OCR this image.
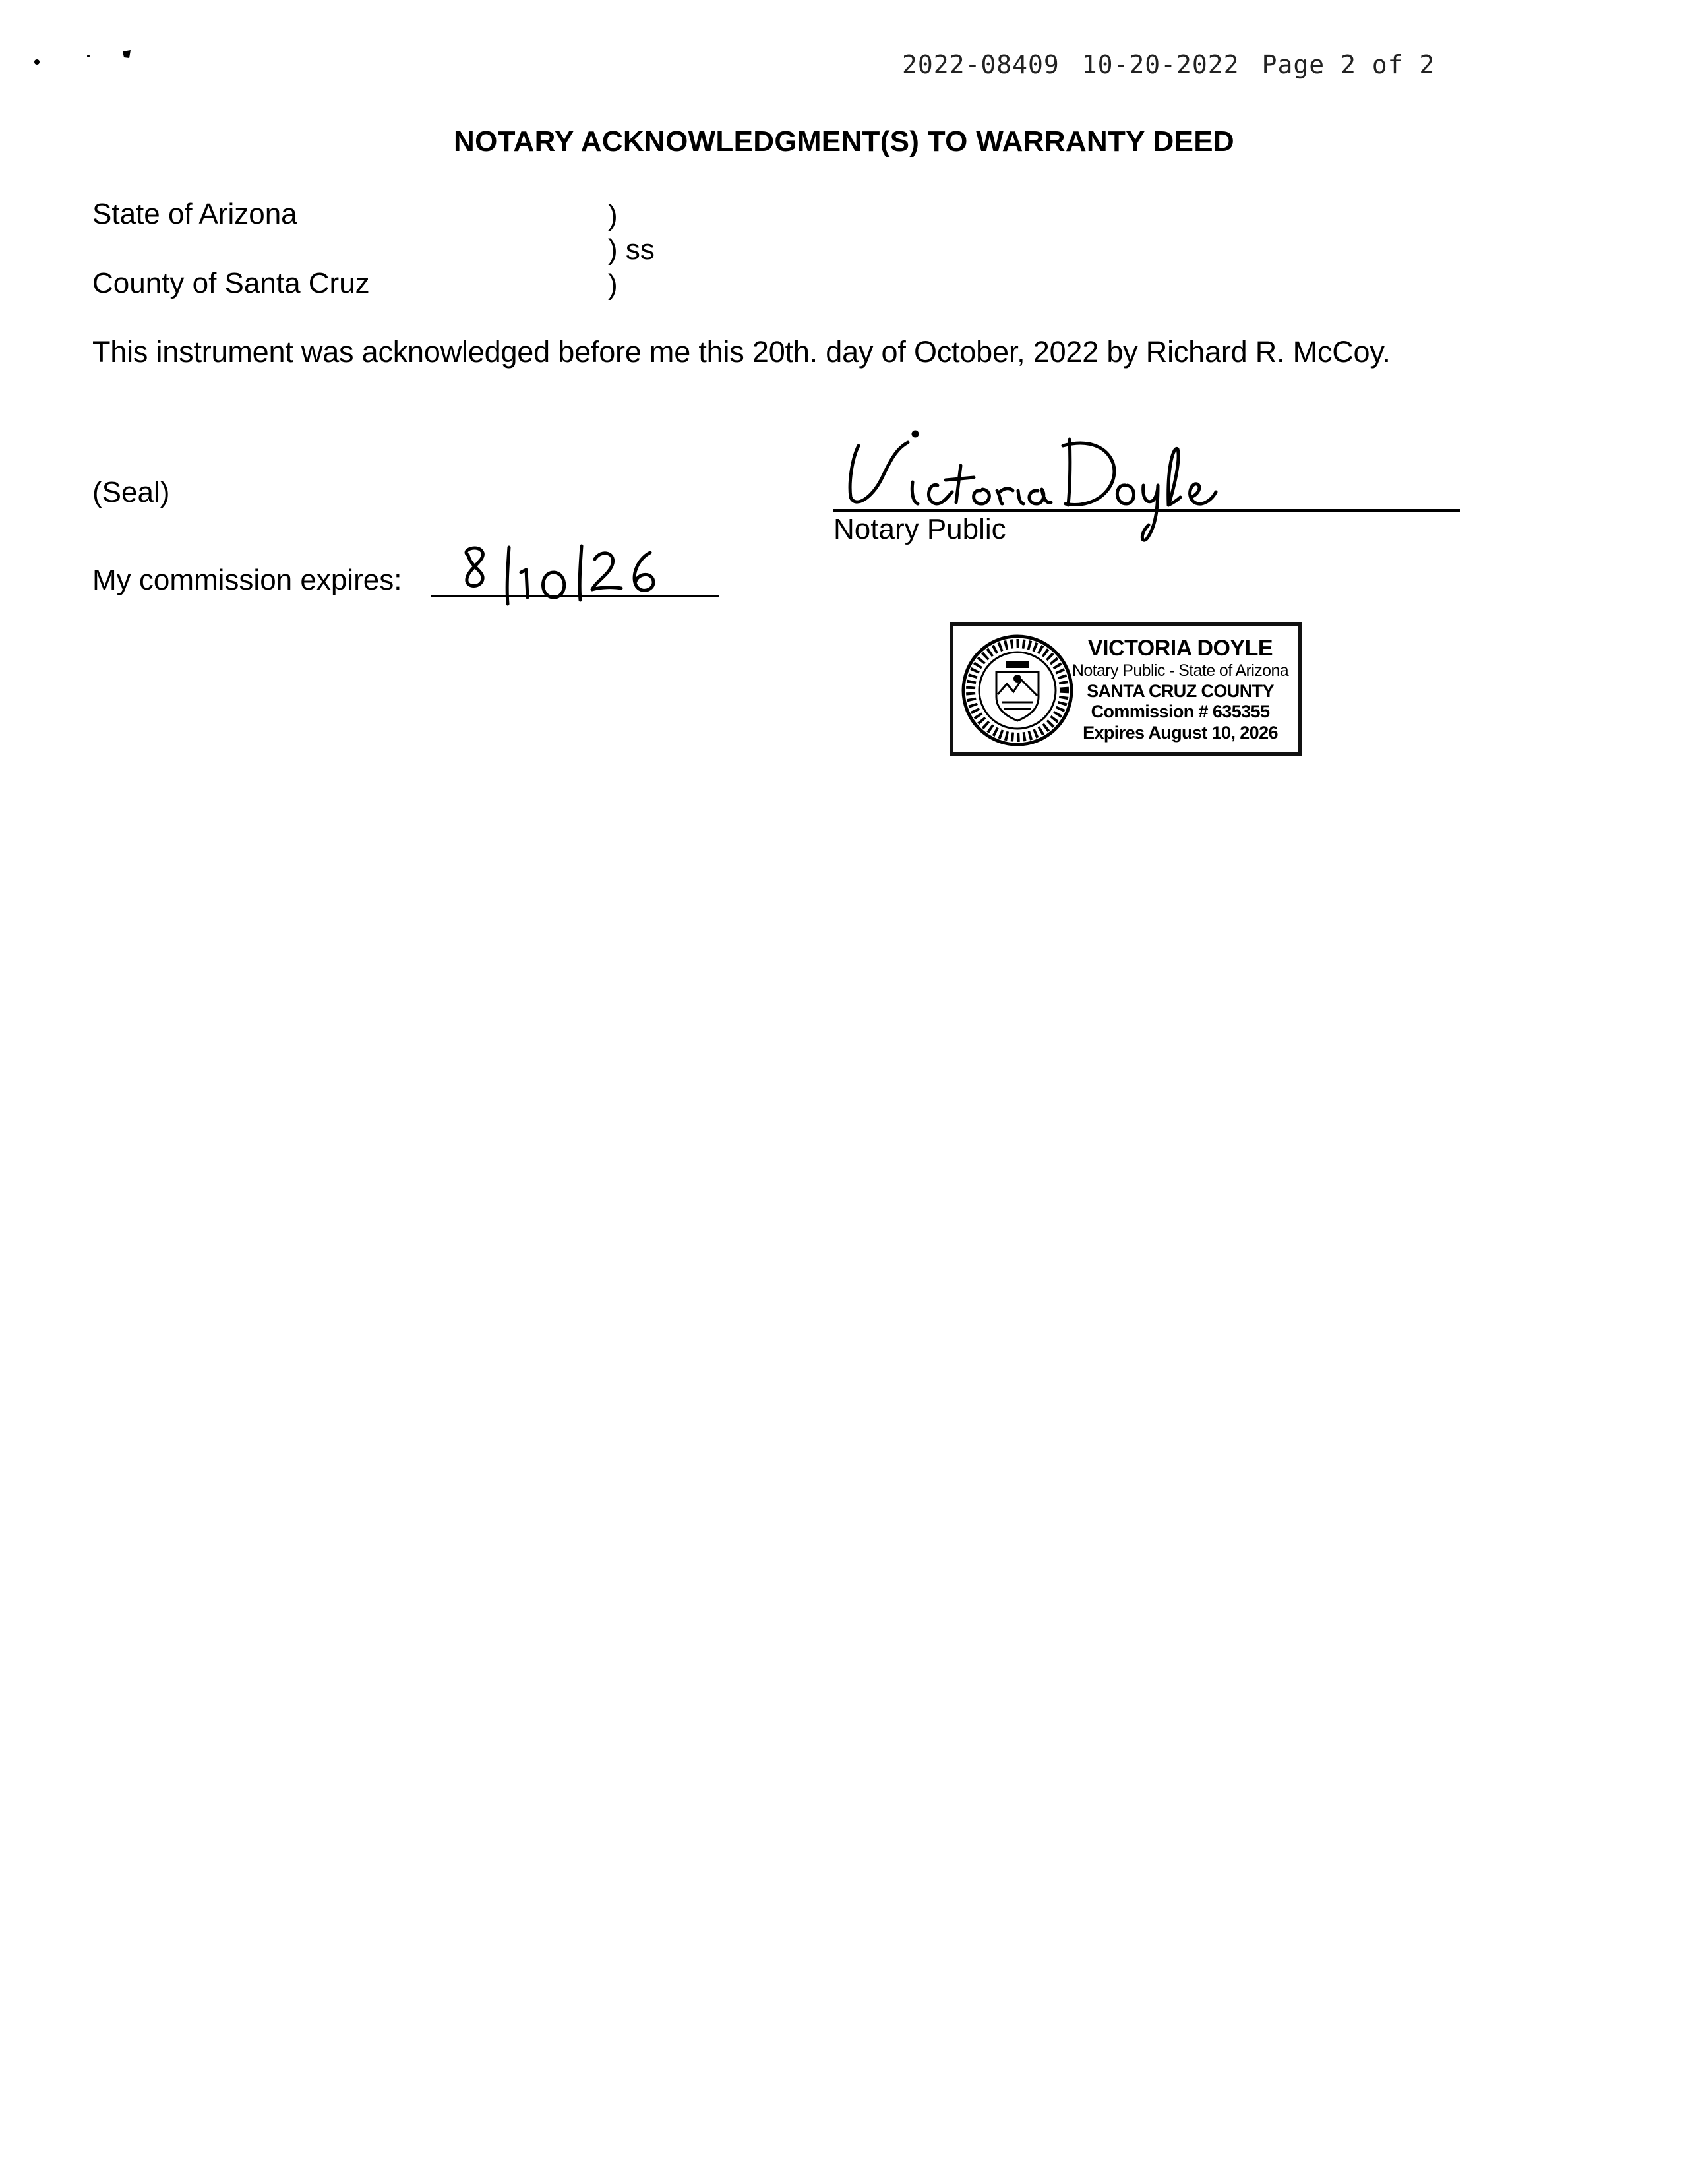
2022-08409 10-20-2022 Page 2 of 2
NOTARY ACKNOWLEDGMENT(S) TO WARRANTY DEED
State of Arizona
County of Santa Cruz
)
) ss
)
This instrument was acknowledged before me this 20th. day of October, 2022 by Richard R. McCoy.
(Seal)
Notary Public
My commission expires:
VICTORIA DOYLE
Notary Public - State of Arizona
SANTA CRUZ COUNTY
Commission # 635355
Expires August 10, 2026
